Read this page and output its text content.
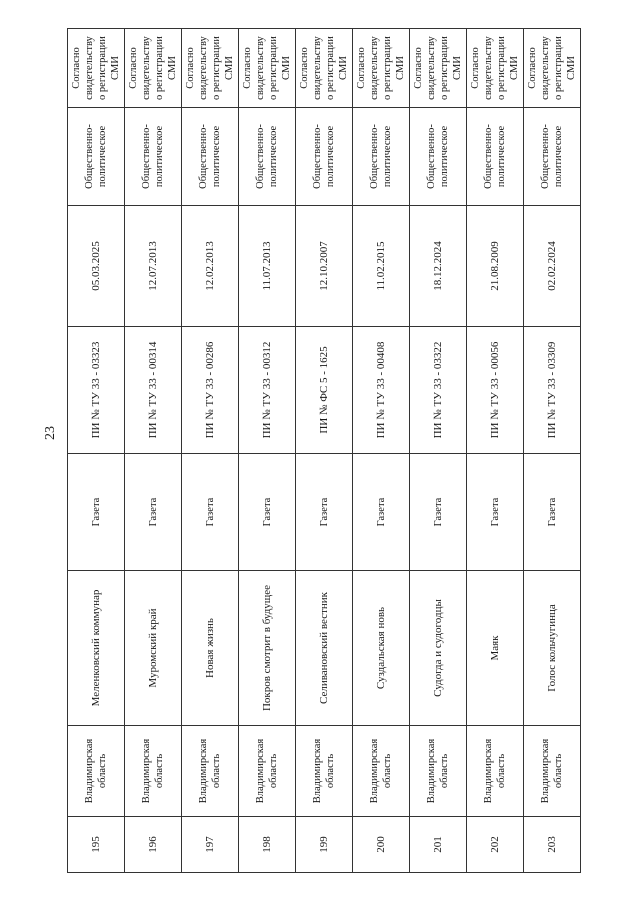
23
195	Владимирская область	Меленковский коммунар	Газета	ПИ № ТУ 33 - 03323	05.03.2025	Общественно-политическое	Согласно свидетельству о регистрации СМИ
196	Владимирская область	Муромский край	Газета	ПИ № ТУ 33 - 00314	12.07.2013	Общественно-политическое	Согласно свидетельству о регистрации СМИ
197	Владимирская область	Новая жизнь	Газета	ПИ № ТУ 33 - 00286	12.02.2013	Общественно-политическое	Согласно свидетельству о регистрации СМИ
198	Владимирская область	Покров смотрит в будущее	Газета	ПИ № ТУ 33 - 00312	11.07.2013	Общественно-политическое	Согласно свидетельству о регистрации СМИ
199	Владимирская область	Селивановский вестник	Газета	ПИ № ФС 5 - 1625	12.10.2007	Общественно-политическое	Согласно свидетельству о регистрации СМИ
200	Владимирская область	Суздальская новь	Газета	ПИ № ТУ 33 - 00408	11.02.2015	Общественно-политическое	Согласно свидетельству о регистрации СМИ
201	Владимирская область	Судогда и судогодцы	Газета	ПИ № ТУ 33 - 03322	18.12.2024	Общественно-политическое	Согласно свидетельству о регистрации СМИ
202	Владимирская область	Маяк	Газета	ПИ № ТУ 33 - 00056	21.08.2009	Общественно-политическое	Согласно свидетельству о регистрации СМИ
203	Владимирская область	Голос кольчугинца	Газета	ПИ № ТУ 33 - 03309	02.02.2024	Общественно-политическое	Согласно свидетельству о регистрации СМИ
